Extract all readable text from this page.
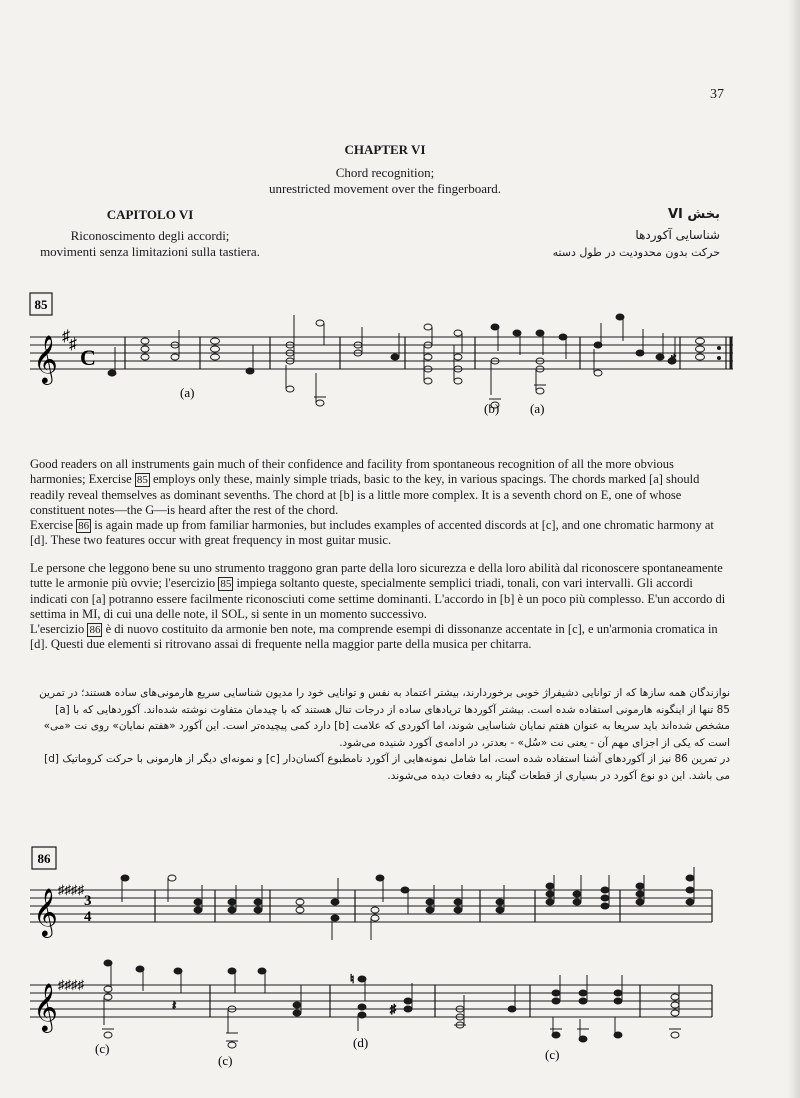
37
CHAPTER VI
Chord recognition;
unrestricted movement over the fingerboard.
CAPITOLO VI
Riconoscimento degli accordi;
movimenti senza limitazioni sulla tastiera.
بخش VI
شناسایی آکوردها
حرکت بدون محدودیت در طول دسته
85
𝄞
♯ ♯
C
(a)
(b) (a)

Good readers on all instruments gain much of their confidence and facility from spontaneous recognition of all the more obvious harmonies; Exercise 85 employs only these, mainly simple triads, basic to the key, in various spacings. The chords marked [a] should readily reveal themselves as dominant sevenths. The chord at [b] is a little more complex. It is a seventh chord on E, one of whose constituent notes—the G—is heard after the rest of the chord.
Exercise 86 is again made up from familiar harmonies, but includes examples of accented discords at [c], and one chromatic harmony at [d]. These two features occur with great frequency in most guitar music.

Le persone che leggono bene su uno strumento traggono gran parte della loro sicurezza e della loro abilità dal riconoscere spontaneamente tutte le armonie più ovvie; l'esercizio 85 impiega soltanto queste, specialmente semplici triadi, tonali, con vari intervalli. Gli accordi indicati con [a] potranno essere facilmente riconosciuti come settime dominanti. L'accordo in [b] è un poco più complesso. E'un accordo di settima in MI, di cui una delle note, il SOL, si sente in un momento successivo.
L'esercizio 86 è di nuovo costituito da armonie ben note, ma comprende esempi di dissonanze accentate in [c], e un'armonia cromatica in [d]. Questi due elementi si ritrovano assai di frequente nella maggior parte della musica per chitarra.

نوازندگان همه سازها که از توانایی دشیفراژ خوبی برخوردارند، بیشتر اعتماد به نفس و توانایی خود را مدیون شناسایی سریع هارمونی‌های ساده هستند؛ در تمرین 85 تنها از اینگونه هارمونی استفاده شده است. بیشتر آکوردها تریادهای ساده از درجات تنال هستند که با چیدمان متفاوت نوشته شده‌اند. آکوردهایی که با [a] مشخص شده‌اند باید سریعا به عنوان هفتم نمایان شناسایی شوند، اما آکوردی که علامت [b] دارد کمی پیچیده‌تر است. این آکورد «هفتم نمایان» روی نت «می» است که یکی از اجزای مهم آن - یعنی نت «سُل» - بعدتر، در ادامه‌ی آکورد شنیده می‌شود.
در تمرین 86 نیز از آکوردهای آشنا استفاده شده است، اما شامل نمونه‌هایی از آکورد نامطبوع آکسان‌دار [c] و نمونه‌ای دیگر از هارمونی با حرکت کروماتیک [d] می باشد. این دو نوع آکورد در بسیاری از قطعات گیتار به دفعات دیده می‌شوند.

86
𝄞
♯♯♯♯
3
4
𝄞
♯♯♯♯
𝄽
♮
♯
(c)
(c)
(d)
(c)
